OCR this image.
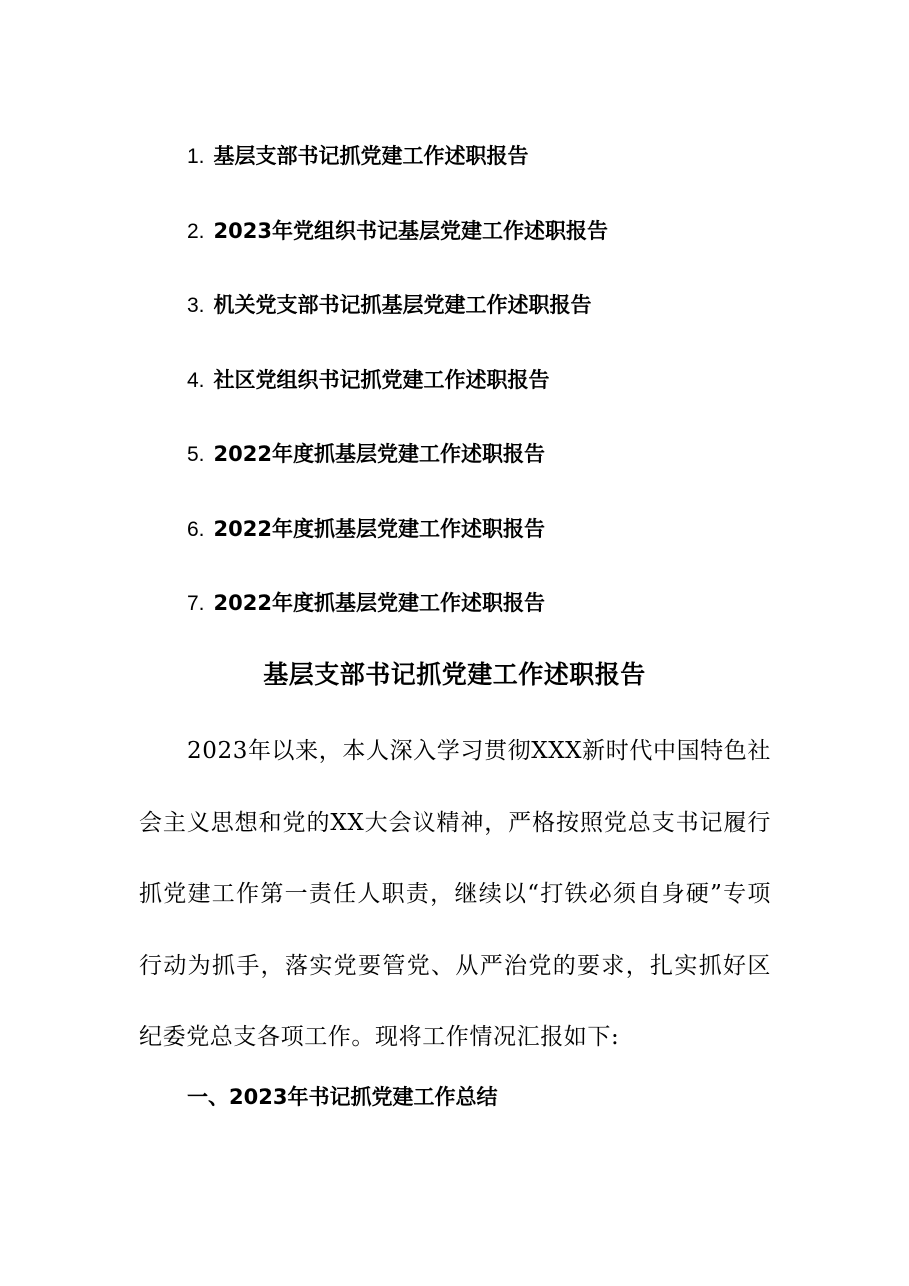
1. 基层支部书记抓党建工作述职报告
2. 2023年党组织书记基层党建工作述职报告
3. 机关党支部书记抓基层党建工作述职报告
4. 社区党组织书记抓党建工作述职报告
5. 2022年度抓基层党建工作述职报告
6. 2022年度抓基层党建工作述职报告
7. 2022年度抓基层党建工作述职报告
基层支部书记抓党建工作述职报告

2023年以来，本人深入学习贯彻XXX新时代中国特色社会主义思想和党的XX大会议精神，严格按照党总支书记履行抓党建工作第一责任人职责，继续以“打铁必须自身硬”专项行动为抓手，落实党要管党、从严治党的要求，扎实抓好区纪委党总支各项工作。现将工作情况汇报如下:

一、2023年书记抓党建工作总结
